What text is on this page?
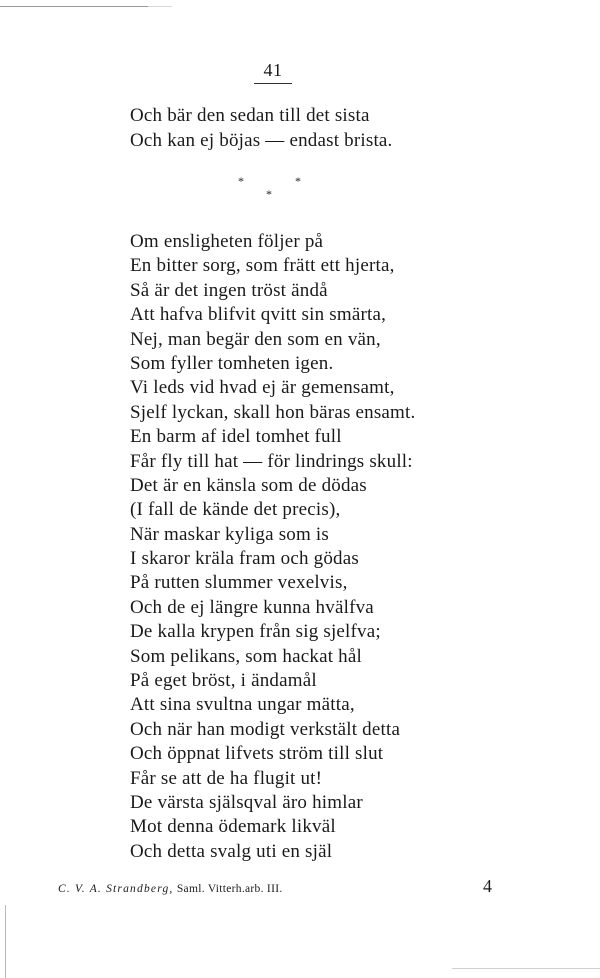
41
Och bär den sedan till det sista
Och kan ej böjas — endast brista.
*	*
*
Om ensligheten följer på
En bitter sorg, som frätt ett hjerta,
Så är det ingen tröst ändå
Att hafva blifvit qvitt sin smärta,
Nej, man begär den som en vän,
Som fyller tomheten igen.
Vi leds vid hvad ej är gemensamt,
Sjelf lyckan, skall hon bäras ensamt.
En barm af idel tomhet full
Får fly till hat — för lindrings skull:
Det är en känsla som de dödas
(I fall de kände det precis),
När maskar kyliga som is
I skaror kräla fram och gödas
På rutten slummer vexelvis,
Och de ej längre kunna hvälfva
De kalla krypen från sig sjelfva;
Som pelikans, som hackat hål
På eget bröst, i ändamål
Att sina svultna ungar mätta,
Och när han modigt verkstält detta
Och öppnat lifvets ström till slut
Får se att de ha flugit ut!
De värsta själsqval äro himlar
Mot denna ödemark likväl
Och detta svalg uti en själ
C. V. A. Strandberg, Saml. Vitterh.arb. III.	4
